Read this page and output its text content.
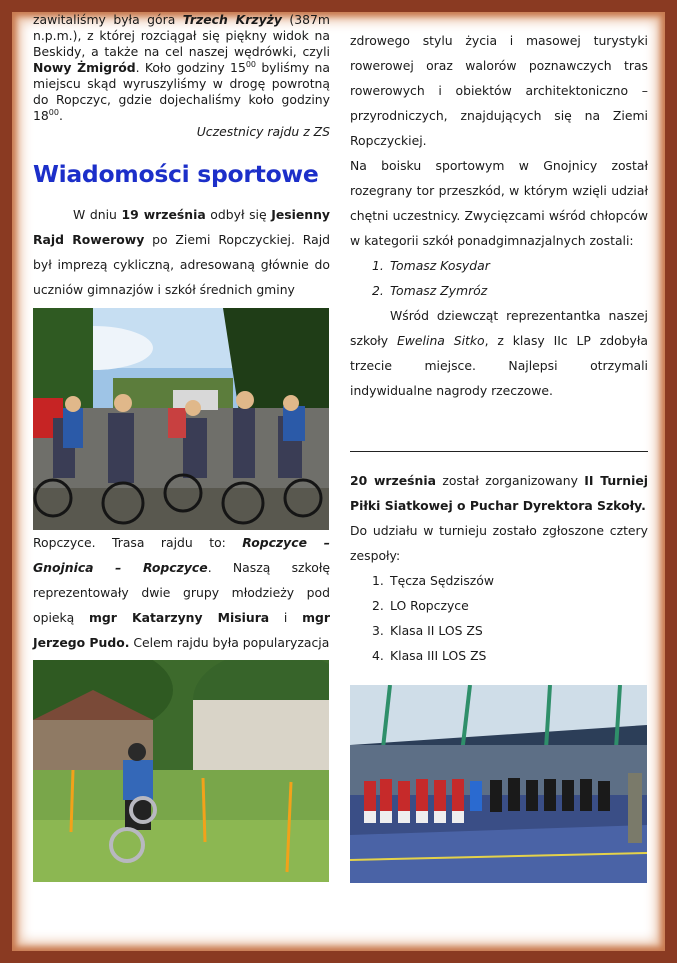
zawitaliśmy była góra Trzech Krzyży (387m n.p.m.), z której rozciągał się piękny widok na Beskidy, a także na cel naszej wędrówki, czyli Nowy Żmigród. Koło godziny $15^{00}$ byliśmy na miejscu skąd wyruszyliśmy w drogę powrotną do Ropczyc, gdzie dojechaliśmy koło godziny $18^{00}$.

Uczestnicy rajdu z ZS

Wiadomości sportowe

W dniu 19 września odbył się Jesienny Rajd Rowerowy po Ziemi Ropczyckiej. Rajd był imprezą cykliczną, adresowaną głównie do uczniów gimnazjów i szkół średnich gminy

Ropczyce. Trasa rajdu to: Ropczyce – Gnojnica – Ropczyce. Naszą szkołę reprezentowały dwie grupy młodzieży pod opieką mgr Katarzyny Misiura i mgr Jerzego Pudo. Celem rajdu była popularyzacja

zdrowego stylu życia i masowej turystyki rowerowej oraz walorów poznawczych tras rowerowych i obiektów architektoniczno – przyrodniczych, znajdujących się na Ziemi Ropczyckiej.

Na boisku sportowym w Gnojnicy został rozegrany tor przeszkód, w którym wzięli udział chętni uczestnicy. Zwycięzcami wśród chłopców w kategorii szkół ponadgimnazjalnych zostali:

1. Tomasz Kosydar
2. Tomasz Zymróz

Wśród dziewcząt reprezentantka naszej szkoły Ewelina Sitko, z klasy IIc LP zdobyła trzecie miejsce. Najlepsi otrzymali indywidualne nagrody rzeczowe.

20 września został zorganizowany II Turniej Piłki Siatkowej o Puchar Dyrektora Szkoły.

Do udziału w turnieju zostało zgłoszone cztery zespoły:

1. Tęcza Sędziszów
2. LO Ropczyce
3. Klasa II LOS ZS
4. Klasa III LOS ZS
